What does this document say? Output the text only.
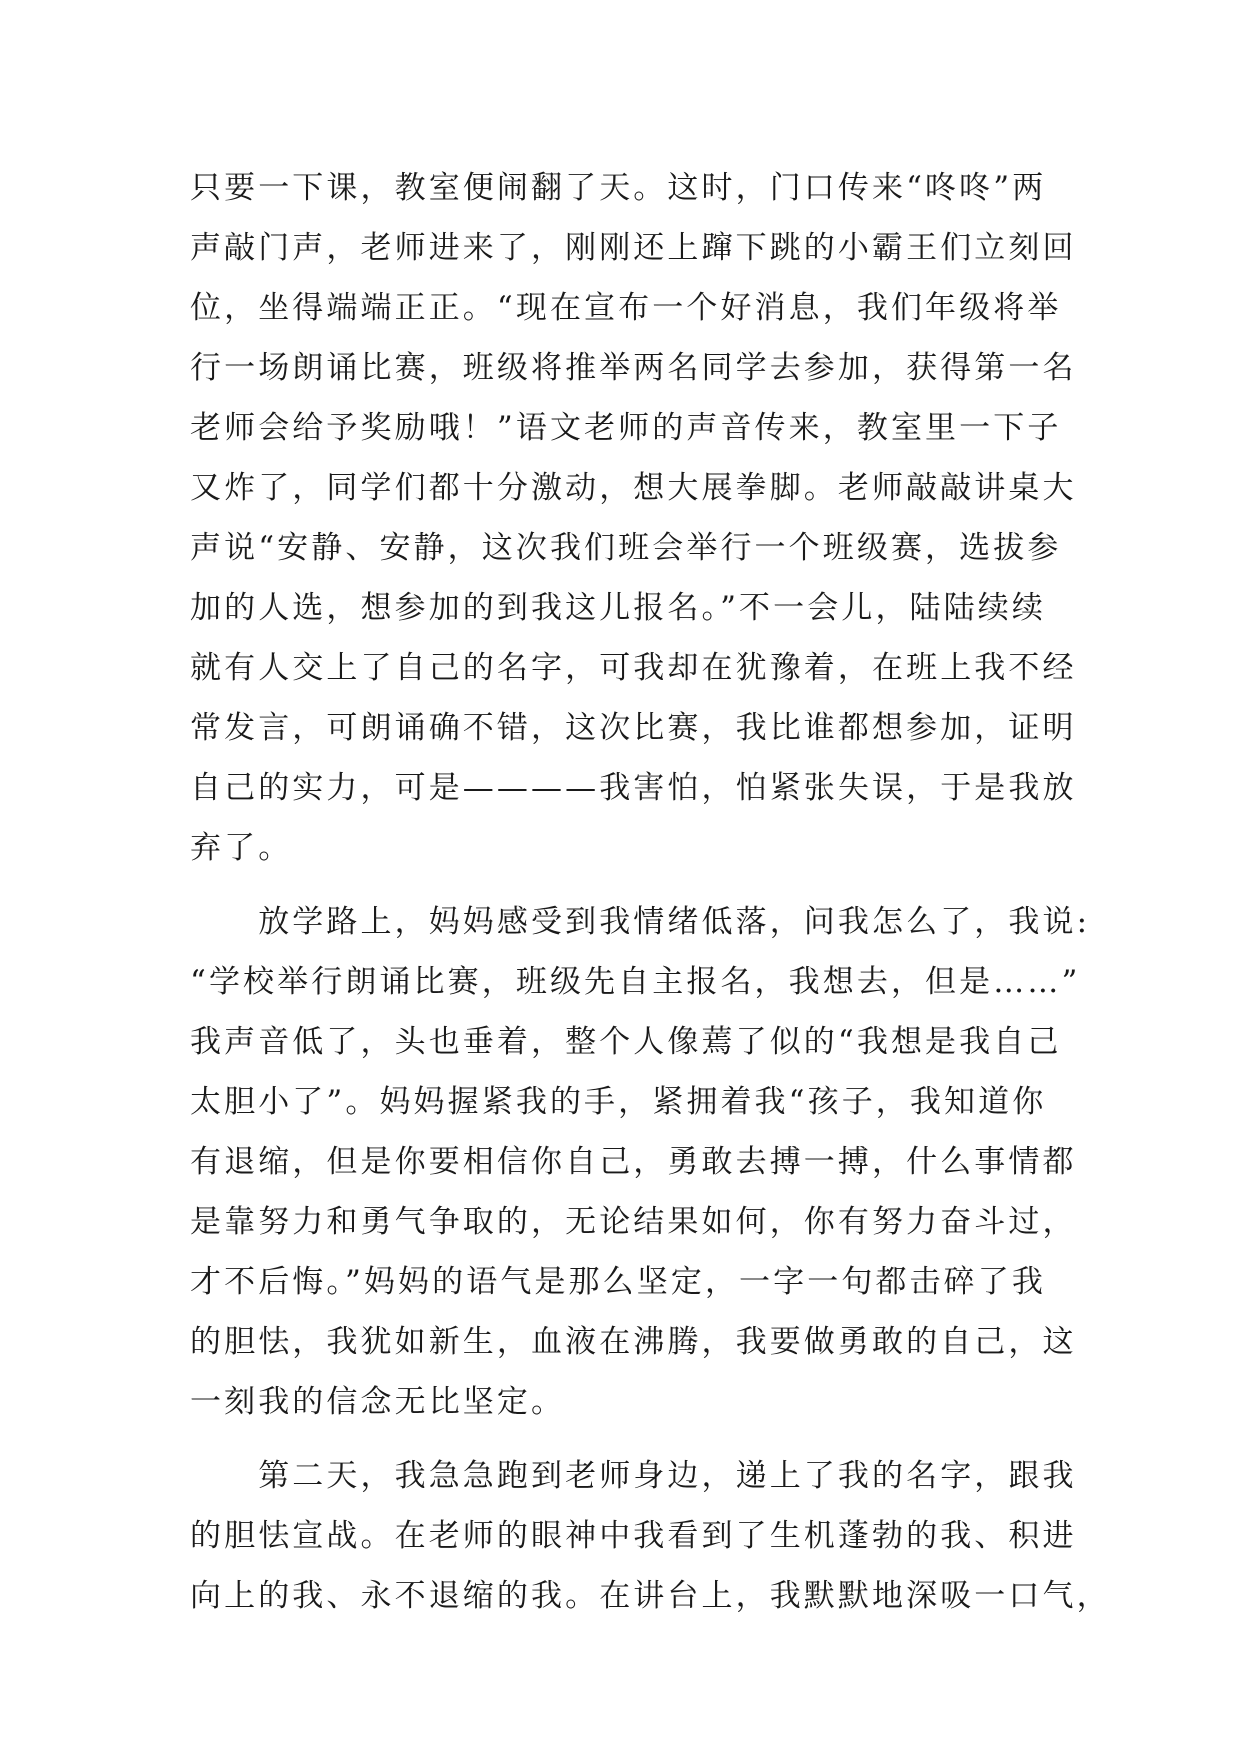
只要一下课，教室便闹翻了天。这时，门口传来“咚咚”两
声敲门声，老师进来了，刚刚还上蹿下跳的小霸王们立刻回
位，坐得端端正正。“现在宣布一个好消息，我们年级将举
行一场朗诵比赛，班级将推举两名同学去参加，获得第一名
老师会给予奖励哦！”语文老师的声音传来，教室里一下子
又炸了，同学们都十分激动，想大展拳脚。老师敲敲讲桌大
声说“安静、安静，这次我们班会举行一个班级赛，选拔参
加的人选，想参加的到我这儿报名。”不一会儿，陆陆续续
就有人交上了自己的名字，可我却在犹豫着，在班上我不经
常发言，可朗诵确不错，这次比赛，我比谁都想参加，证明
自己的实力，可是————我害怕，怕紧张失误，于是我放
弃了。
　　放学路上，妈妈感受到我情绪低落，问我怎么了，我说:
“学校举行朗诵比赛，班级先自主报名，我想去，但是……”
我声音低了，头也垂着，整个人像蔫了似的“我想是我自己
太胆小了”。妈妈握紧我的手，紧拥着我“孩子，我知道你
有退缩，但是你要相信你自己，勇敢去搏一搏，什么事情都
是靠努力和勇气争取的，无论结果如何，你有努力奋斗过，
才不后悔。”妈妈的语气是那么坚定，一字一句都击碎了我
的胆怯，我犹如新生，血液在沸腾，我要做勇敢的自己，这
一刻我的信念无比坚定。
　　第二天，我急急跑到老师身边，递上了我的名字，跟我
的胆怯宣战。在老师的眼神中我看到了生机蓬勃的我、积进
向上的我、永不退缩的我。在讲台上，我默默地深吸一口气，
